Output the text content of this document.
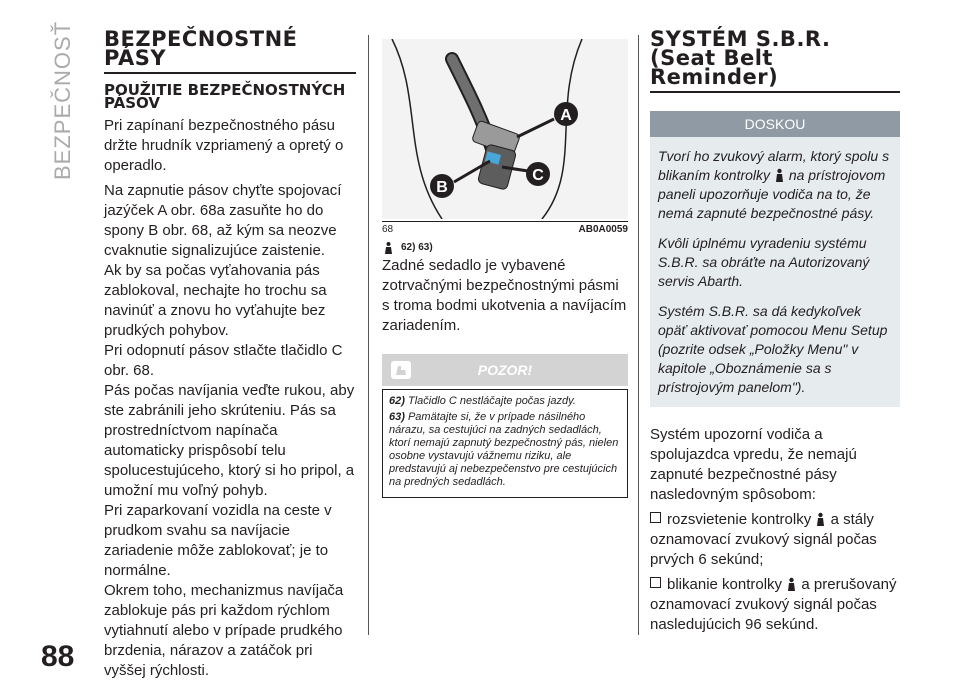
BEZPEČNOSŤ
88
BEZPEČNOSTNÉ PÁSY
POUŽITIE BEZPEČNOSTNÝCH PÁSOV

Pri zapínaní bezpečnostného pásu držte hrudník vzpriamený a opretý o operadlo.

Na zapnutie pásov chyťte spojovací jazýček A obr. 68a zasuňte ho do spony B obr. 68, až kým sa neozve cvaknutie signalizujúce zaistenie.

Ak by sa počas vyťahovania pás zablokoval, nechajte ho trochu sa navinúť a znovu ho vyťahujte bez prudkých pohybov.

Pri odopnutí pásov stlačte tlačidlo C obr. 68.

Pás počas navíjania veďte rukou, aby ste zabránili jeho skrúteniu. Pás sa prostredníctvom napínača automaticky prispôsobí telu spolucestujúceho, ktorý si ho pripol, a umožní mu voľný pohyb.

Pri zaparkovaní vozidla na ceste v prudkom svahu sa navíjacie zariadenie môže zablokovať; je to normálne.

Okrem toho, mechanizmus navíjača zablokuje pás pri každom rýchlom vytiahnutí alebo v prípade prudkého brzdenia, nárazov a zatáčok pri vyššej rýchlosti.

A
B
C
68	AB0A0059
62) 63)

Zadné sedadlo je vybavené zotrvačnými bezpečnostnými pásmi s troma bodmi ukotvenia a navíjacím zariadením.

POZOR!

62) Tlačidlo C nestláčajte počas jazdy.

63) Pamätajte si, že v prípade násilného nárazu, sa cestujúci na zadných sedadlách, ktorí nemajú zapnutý bezpečnostný pás, nielen osobne vystavujú vážnemu riziku, ale predstavujú aj nebezpečenstvo pre cestujúcich na predných sedadlách.

SYSTÉM S.B.R. (Seat Belt Reminder)
DOSKOU

Tvorí ho zvukový alarm, ktorý spolu s blikaním kontrolky na prístrojovom paneli upozorňuje vodiča na to, že nemá zapnuté bezpečnostné pásy.

Kvôli úplnému vyradeniu systému S.B.R. sa obráťte na Autorizovaný servis Abarth.

Systém S.B.R. sa dá kedykoľvek opäť aktivovať pomocou Menu Setup (pozrite odsek „Položky Menu" v kapitole „Oboznámenie sa s prístrojovým panelom").

Systém upozorní vodiča a spolujazdca vpredu, že nemajú zapnuté bezpečnostné pásy nasledovným spôsobom:

rozsvietenie kontrolky a stály oznamovací zvukový signál počas prvých 6 sekúnd;

blikanie kontrolky a prerušovaný oznamovací zvukový signál počas nasledujúcich 96 sekúnd.
